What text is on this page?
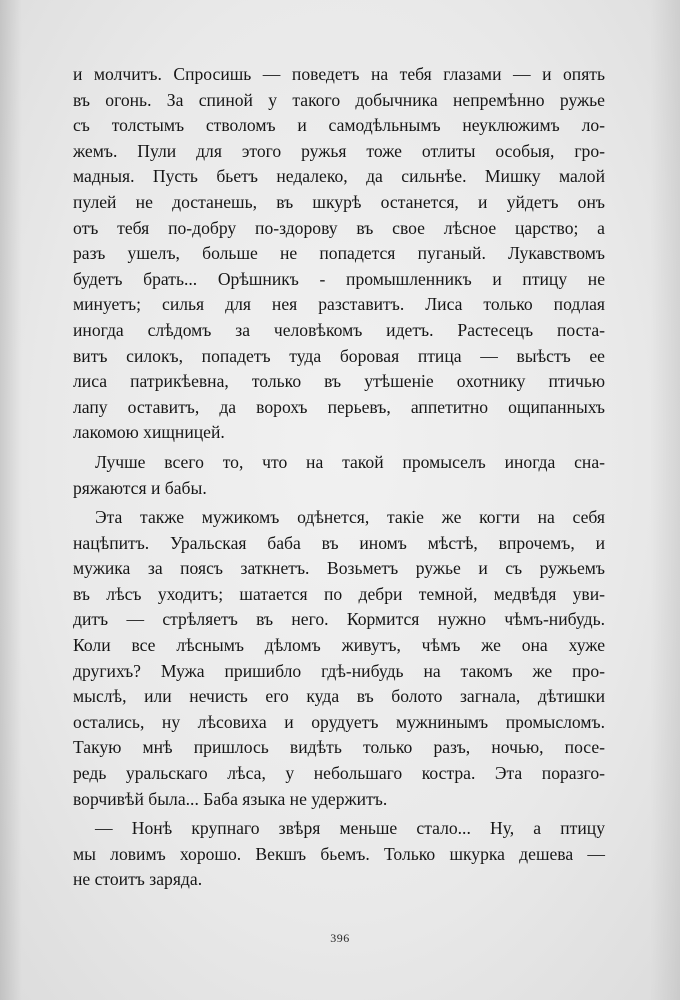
и молчитъ. Спросишь — поведетъ на тебя глазами — и опять
въ огонь. За спиной у такого добычника непремѣнно ружье
съ толстымъ стволомъ и самодѣльнымъ неуклюжимъ ло-
жемъ. Пули для этого ружья тоже отлиты особыя, гро-
мадныя. Пусть бьетъ недалеко, да сильнѣе. Мишку малой
пулей не достанешь, въ шкурѣ останется, и уйдетъ онъ
отъ тебя по-добру по-здорову въ свое лѣсное царство; а
разъ ушелъ, больше не попадется пуганый. Лукавствомъ
будетъ брать... Орѣшникъ - промышленникъ и птицу не
минуетъ; силья для нея разставитъ. Лиса только подлая
иногда слѣдомъ за человѣкомъ идетъ. Растесецъ поста-
витъ силокъ, попадетъ туда боровая птица — выѣстъ ее
лиса патрикѣевна, только въ утѣшеніе охотнику птичью
лапу оставитъ, да ворохъ перьевъ, аппетитно ощипанныхъ
лакомою хищницей.
Лучше всего то, что на такой промыселъ иногда сна-
ряжаются и бабы.
Эта также мужикомъ одѣнется, такіе же когти на себя
нацѣпитъ. Уральская баба въ иномъ мѣстѣ, впрочемъ, и
мужика за поясъ заткнетъ. Возьметъ ружье и съ ружьемъ
въ лѣсъ уходитъ; шатается по дебри темной, медвѣдя уви-
дитъ — стрѣляетъ въ него. Кормится нужно чѣмъ-нибудь.
Коли все лѣснымъ дѣломъ живутъ, чѣмъ же она хуже
другихъ? Мужа пришибло гдѣ-нибудь на такомъ же про-
мыслѣ, или нечисть его куда въ болото загнала, дѣтишки
остались, ну лѣсовиха и орудуетъ мужнинымъ промысломъ.
Такую мнѣ пришлось видѣть только разъ, ночью, посе-
редь уральскаго лѣса, у небольшаго костра. Эта поразго-
ворчивѣй была... Баба языка не удержитъ.
— Нонѣ крупнаго звѣря меньше стало... Ну, а птицу
мы ловимъ хорошо. Векшъ бьемъ. Только шкурка дешева —
не стоитъ заряда.
396
